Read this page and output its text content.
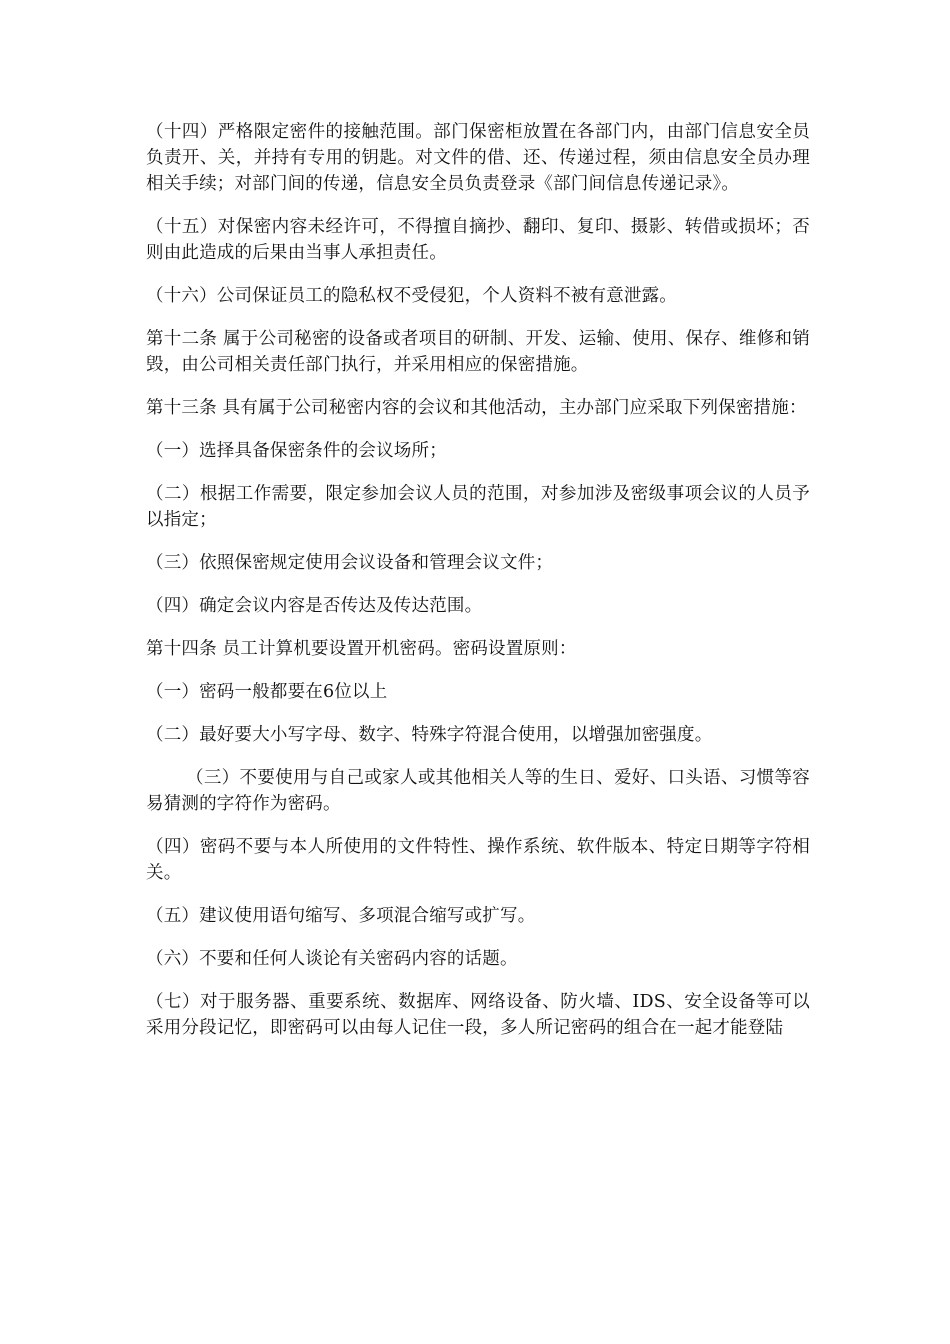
（十四）严格限定密件的接触范围。部门保密柜放置在各部门内，由部门信息安全员负责开、关，并持有专用的钥匙。对文件的借、还、传递过程，须由信息安全员办理相关手续；对部门间的传递，信息安全员负责登录《部门间信息传递记录》。

（十五）对保密内容未经许可，不得擅自摘抄、翻印、复印、摄影、转借或损坏；否则由此造成的后果由当事人承担责任。

（十六）公司保证员工的隐私权不受侵犯，个人资料不被有意泄露。

第十二条 属于公司秘密的设备或者项目的研制、开发、运输、使用、保存、维修和销毁，由公司相关责任部门执行，并采用相应的保密措施。

第十三条 具有属于公司秘密内容的会议和其他活动，主办部门应采取下列保密措施：

（一）选择具备保密条件的会议场所；

（二）根据工作需要，限定参加会议人员的范围，对参加涉及密级事项会议的人员予以指定；

（三）依照保密规定使用会议设备和管理会议文件；

（四）确定会议内容是否传达及传达范围。

第十四条 员工计算机要设置开机密码。密码设置原则：

（一）密码一般都要在6位以上

（二）最好要大小写字母、数字、特殊字符混合使用，以增强加密强度。

（三）不要使用与自己或家人或其他相关人等的生日、爱好、口头语、习惯等容易猜测的字符作为密码。

（四）密码不要与本人所使用的文件特性、操作系统、软件版本、特定日期等字符相关。

（五）建议使用语句缩写、多项混合缩写或扩写。

（六）不要和任何人谈论有关密码内容的话题。

（七）对于服务器、重要系统、数据库、网络设备、防火墙、IDS、安全设备等可以采用分段记忆，即密码可以由每人记住一段，多人所记密码的组合在一起才能登陆
